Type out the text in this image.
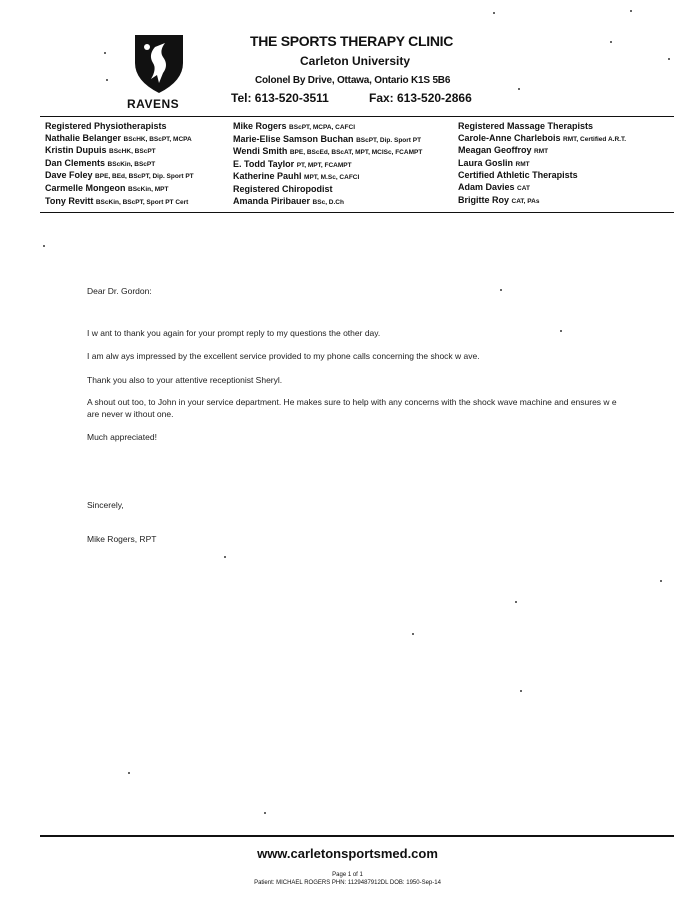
RAVENS
THE SPORTS THERAPY CLINIC
Carleton University
Colonel By Drive, Ottawa, Ontario K1S 5B6
Tel: 613-520-3511	Fax: 613-520-2866
Registered Physiotherapists
Nathalie Belanger BScHK, BScPT, MCPA
Kristin Dupuis BScHK, BScPT
Dan Clements BScKin, BScPT
Dave Foley BPE, BEd, BScPT, Dip. Sport PT
Carmelle Mongeon BScKin, MPT
Tony Revitt BScKin, BScPT, Sport PT Cert
Mike Rogers BScPT, MCPA, CAFCI
Marie-Elise Samson Buchan BScPT, Dip. Sport PT
Wendi Smith BPE, BScEd, BScAT, MPT, MCISc, FCAMPT
E. Todd Taylor PT, MPT, FCAMPT
Katherine Pauhl MPT, M.Sc, CAFCI
Registered Chiropodist
Amanda Piribauer BSc, D.Ch
Registered Massage Therapists
Carole-Anne Charlebois RMT, Certified A.R.T.
Meagan Geoffroy RMT
Laura Goslin RMT
Certified Athletic Therapists
Adam Davies CAT
Brigitte Roy CAT, PAs
Dear Dr. Gordon:
I w ant to thank you again for your prompt reply to my questions the other day.
I am alw ays impressed by the excellent service provided to my phone calls concerning the shock w ave.
Thank you also to your attentive receptionist Sheryl.
A shout out too, to John in your service department. He makes sure to help with any concerns with the shock wave machine and ensures w e are never w ithout one.
Much appreciated!
Sincerely,
Mike Rogers, RPT
www.carletonsportsmed.com
Page 1 of 1
Patient: MICHAEL ROGERS PHN: 1129487912DL DOB: 1950-Sep-14
